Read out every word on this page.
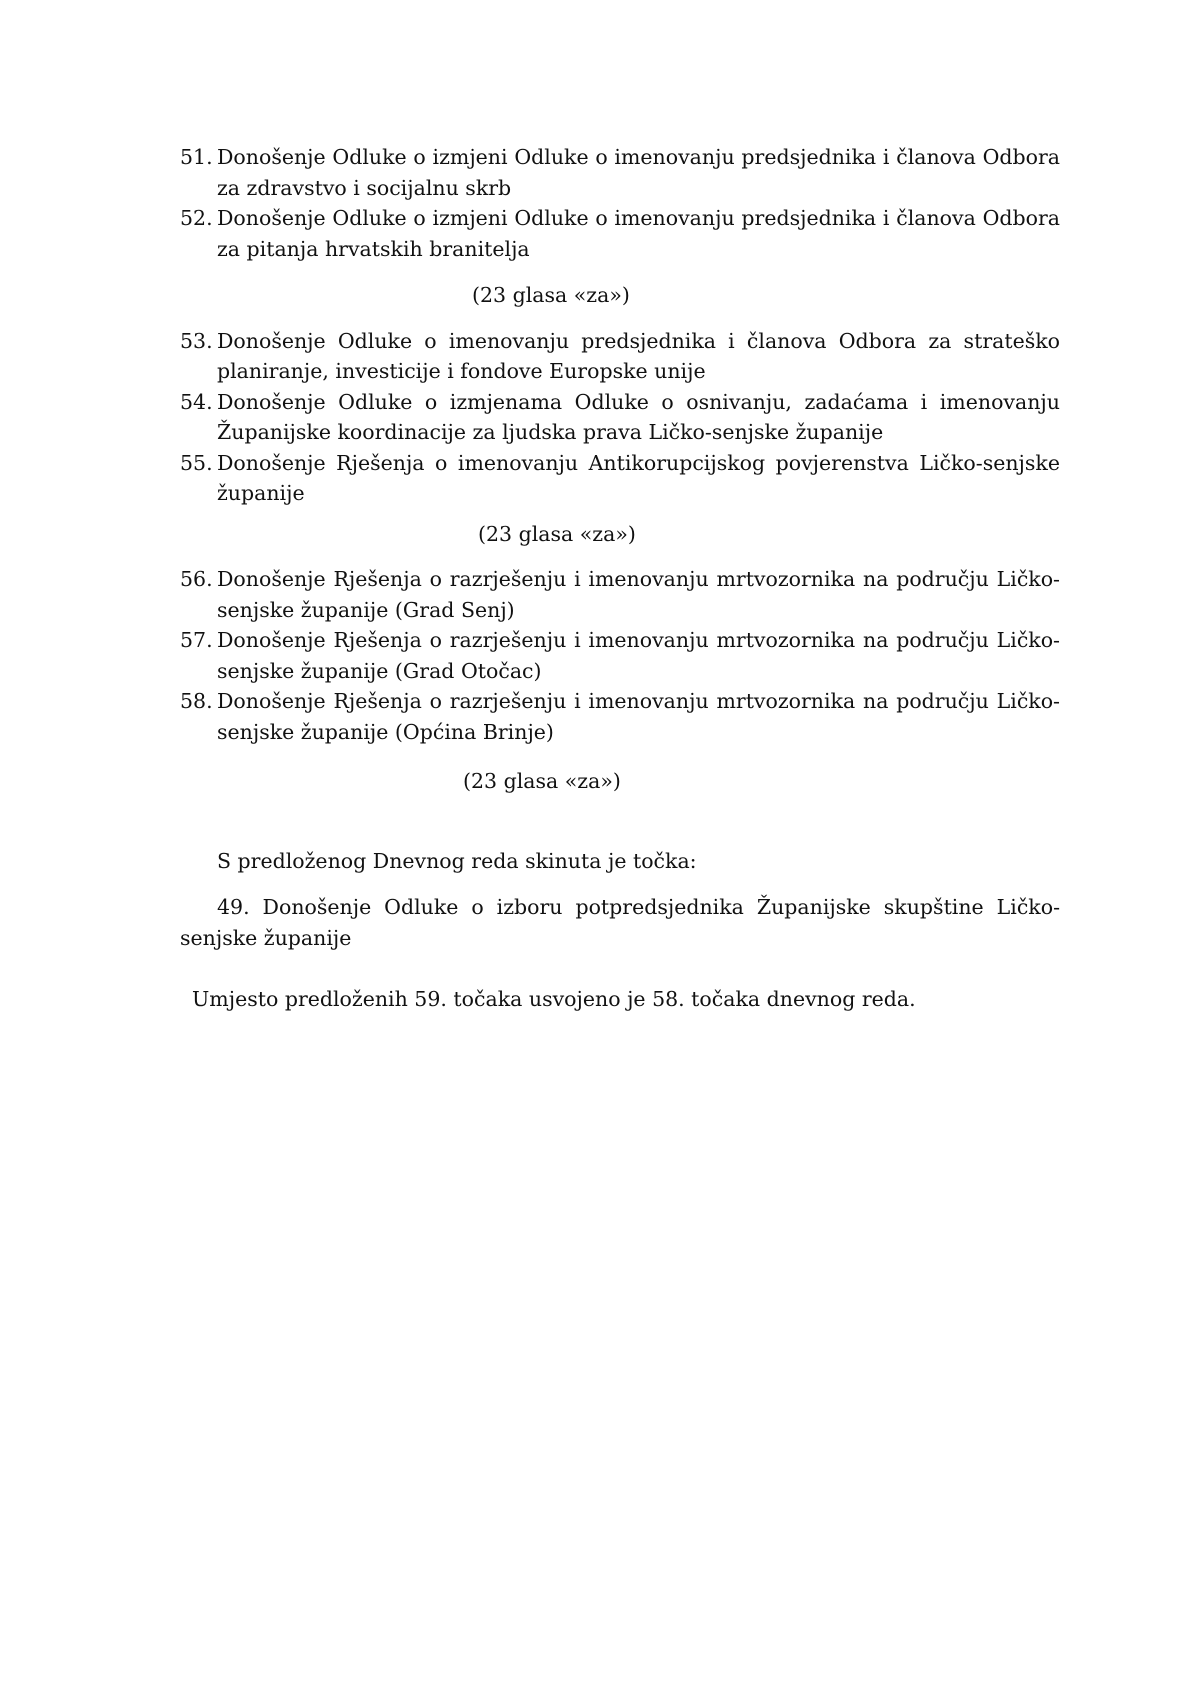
51. Donošenje Odluke o izmjeni Odluke o imenovanju predsjednika i članova Odbora za zdravstvo i socijalnu skrb
52. Donošenje Odluke o izmjeni Odluke o imenovanju predsjednika i članova Odbora za pitanja hrvatskih branitelja

(23 glasa «za»)

53. Donošenje Odluke o imenovanju predsjednika i članova Odbora za strateško planiranje, investicije i fondove Europske unije
54. Donošenje Odluke o izmjenama Odluke o osnivanju, zadaćama i imenovanju Županijske koordinacije za ljudska prava Ličko-senjske županije
55. Donošenje Rješenja o imenovanju Antikorupcijskog povjerenstva Ličko-senjske županije

(23 glasa «za»)

56. Donošenje Rješenja o razrješenju i imenovanju mrtvozornika na području Ličko-senjske županije (Grad Senj)
57. Donošenje Rješenja o razrješenju i imenovanju mrtvozornika na području Ličko-senjske županije (Grad Otočac)
58. Donošenje Rješenja o razrješenju i imenovanju mrtvozornika na području Ličko-senjske županije (Općina Brinje)

(23 glasa «za»)

S predloženog Dnevnog reda skinuta je točka:

49. Donošenje Odluke o izboru potpredsjednika Županijske skupštine Ličko-senjske županije

Umjesto predloženih 59. točaka usvojeno je 58. točaka dnevnog reda.
